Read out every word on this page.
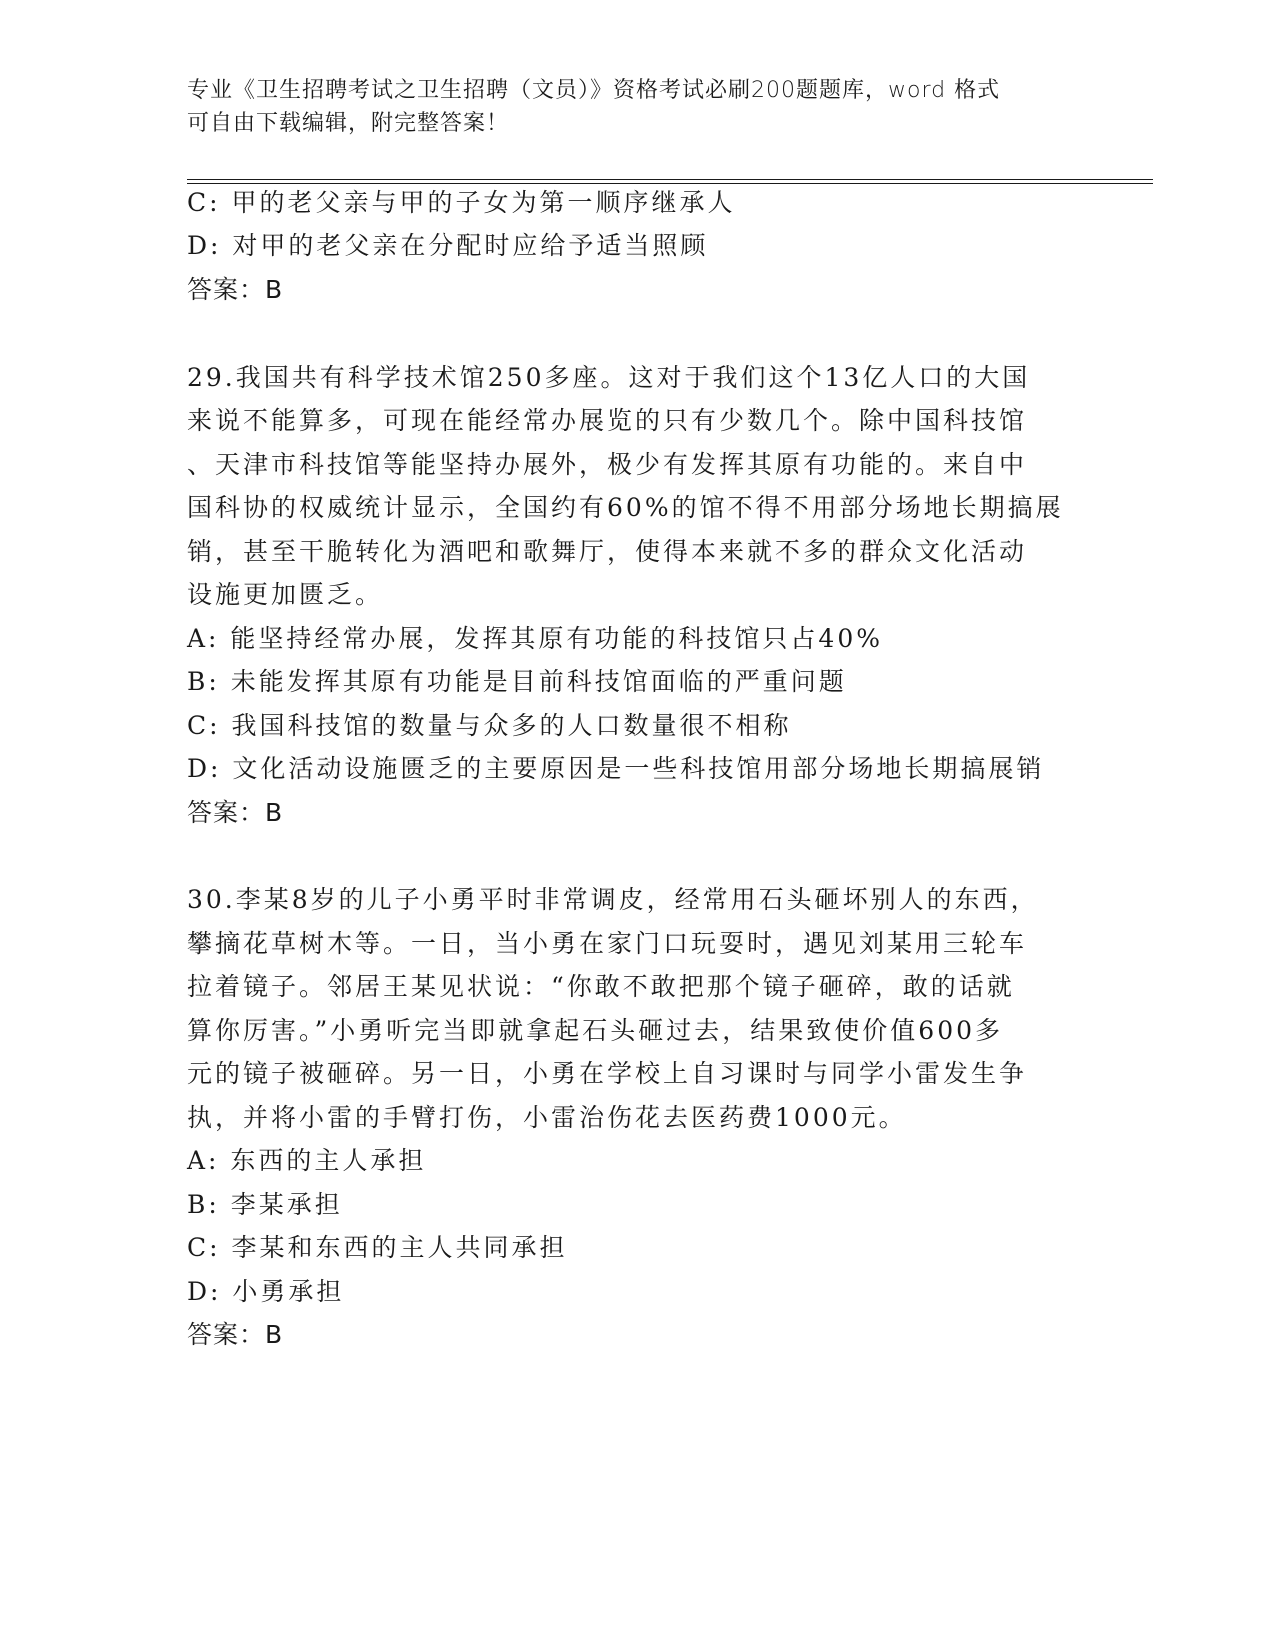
专业《卫生招聘考试之卫生招聘（文员）》资格考试必刷200题题库，word 格式
可自由下载编辑，附完整答案！
C: 甲的老父亲与甲的子女为第一顺序继承人
D: 对甲的老父亲在分配时应给予适当照顾
答案：B
29.我国共有科学技术馆250多座。这对于我们这个13亿人口的大国
来说不能算多，可现在能经常办展览的只有少数几个。除中国科技馆
、天津市科技馆等能坚持办展外，极少有发挥其原有功能的。来自中
国科协的权威统计显示，全国约有60%的馆不得不用部分场地长期搞展
销，甚至干脆转化为酒吧和歌舞厅，使得本来就不多的群众文化活动
设施更加匮乏。
A: 能坚持经常办展，发挥其原有功能的科技馆只占40%
B: 未能发挥其原有功能是目前科技馆面临的严重问题
C: 我国科技馆的数量与众多的人口数量很不相称
D: 文化活动设施匮乏的主要原因是一些科技馆用部分场地长期搞展销
答案：B
30.李某8岁的儿子小勇平时非常调皮，经常用石头砸坏别人的东西，
攀摘花草树木等。一日，当小勇在家门口玩耍时，遇见刘某用三轮车
拉着镜子。邻居王某见状说：“你敢不敢把那个镜子砸碎，敢的话就
算你厉害。”小勇听完当即就拿起石头砸过去，结果致使价值600多
元的镜子被砸碎。另一日，小勇在学校上自习课时与同学小雷发生争
执，并将小雷的手臂打伤，小雷治伤花去医药费1000元。
A: 东西的主人承担
B: 李某承担
C: 李某和东西的主人共同承担
D: 小勇承担
答案：B
